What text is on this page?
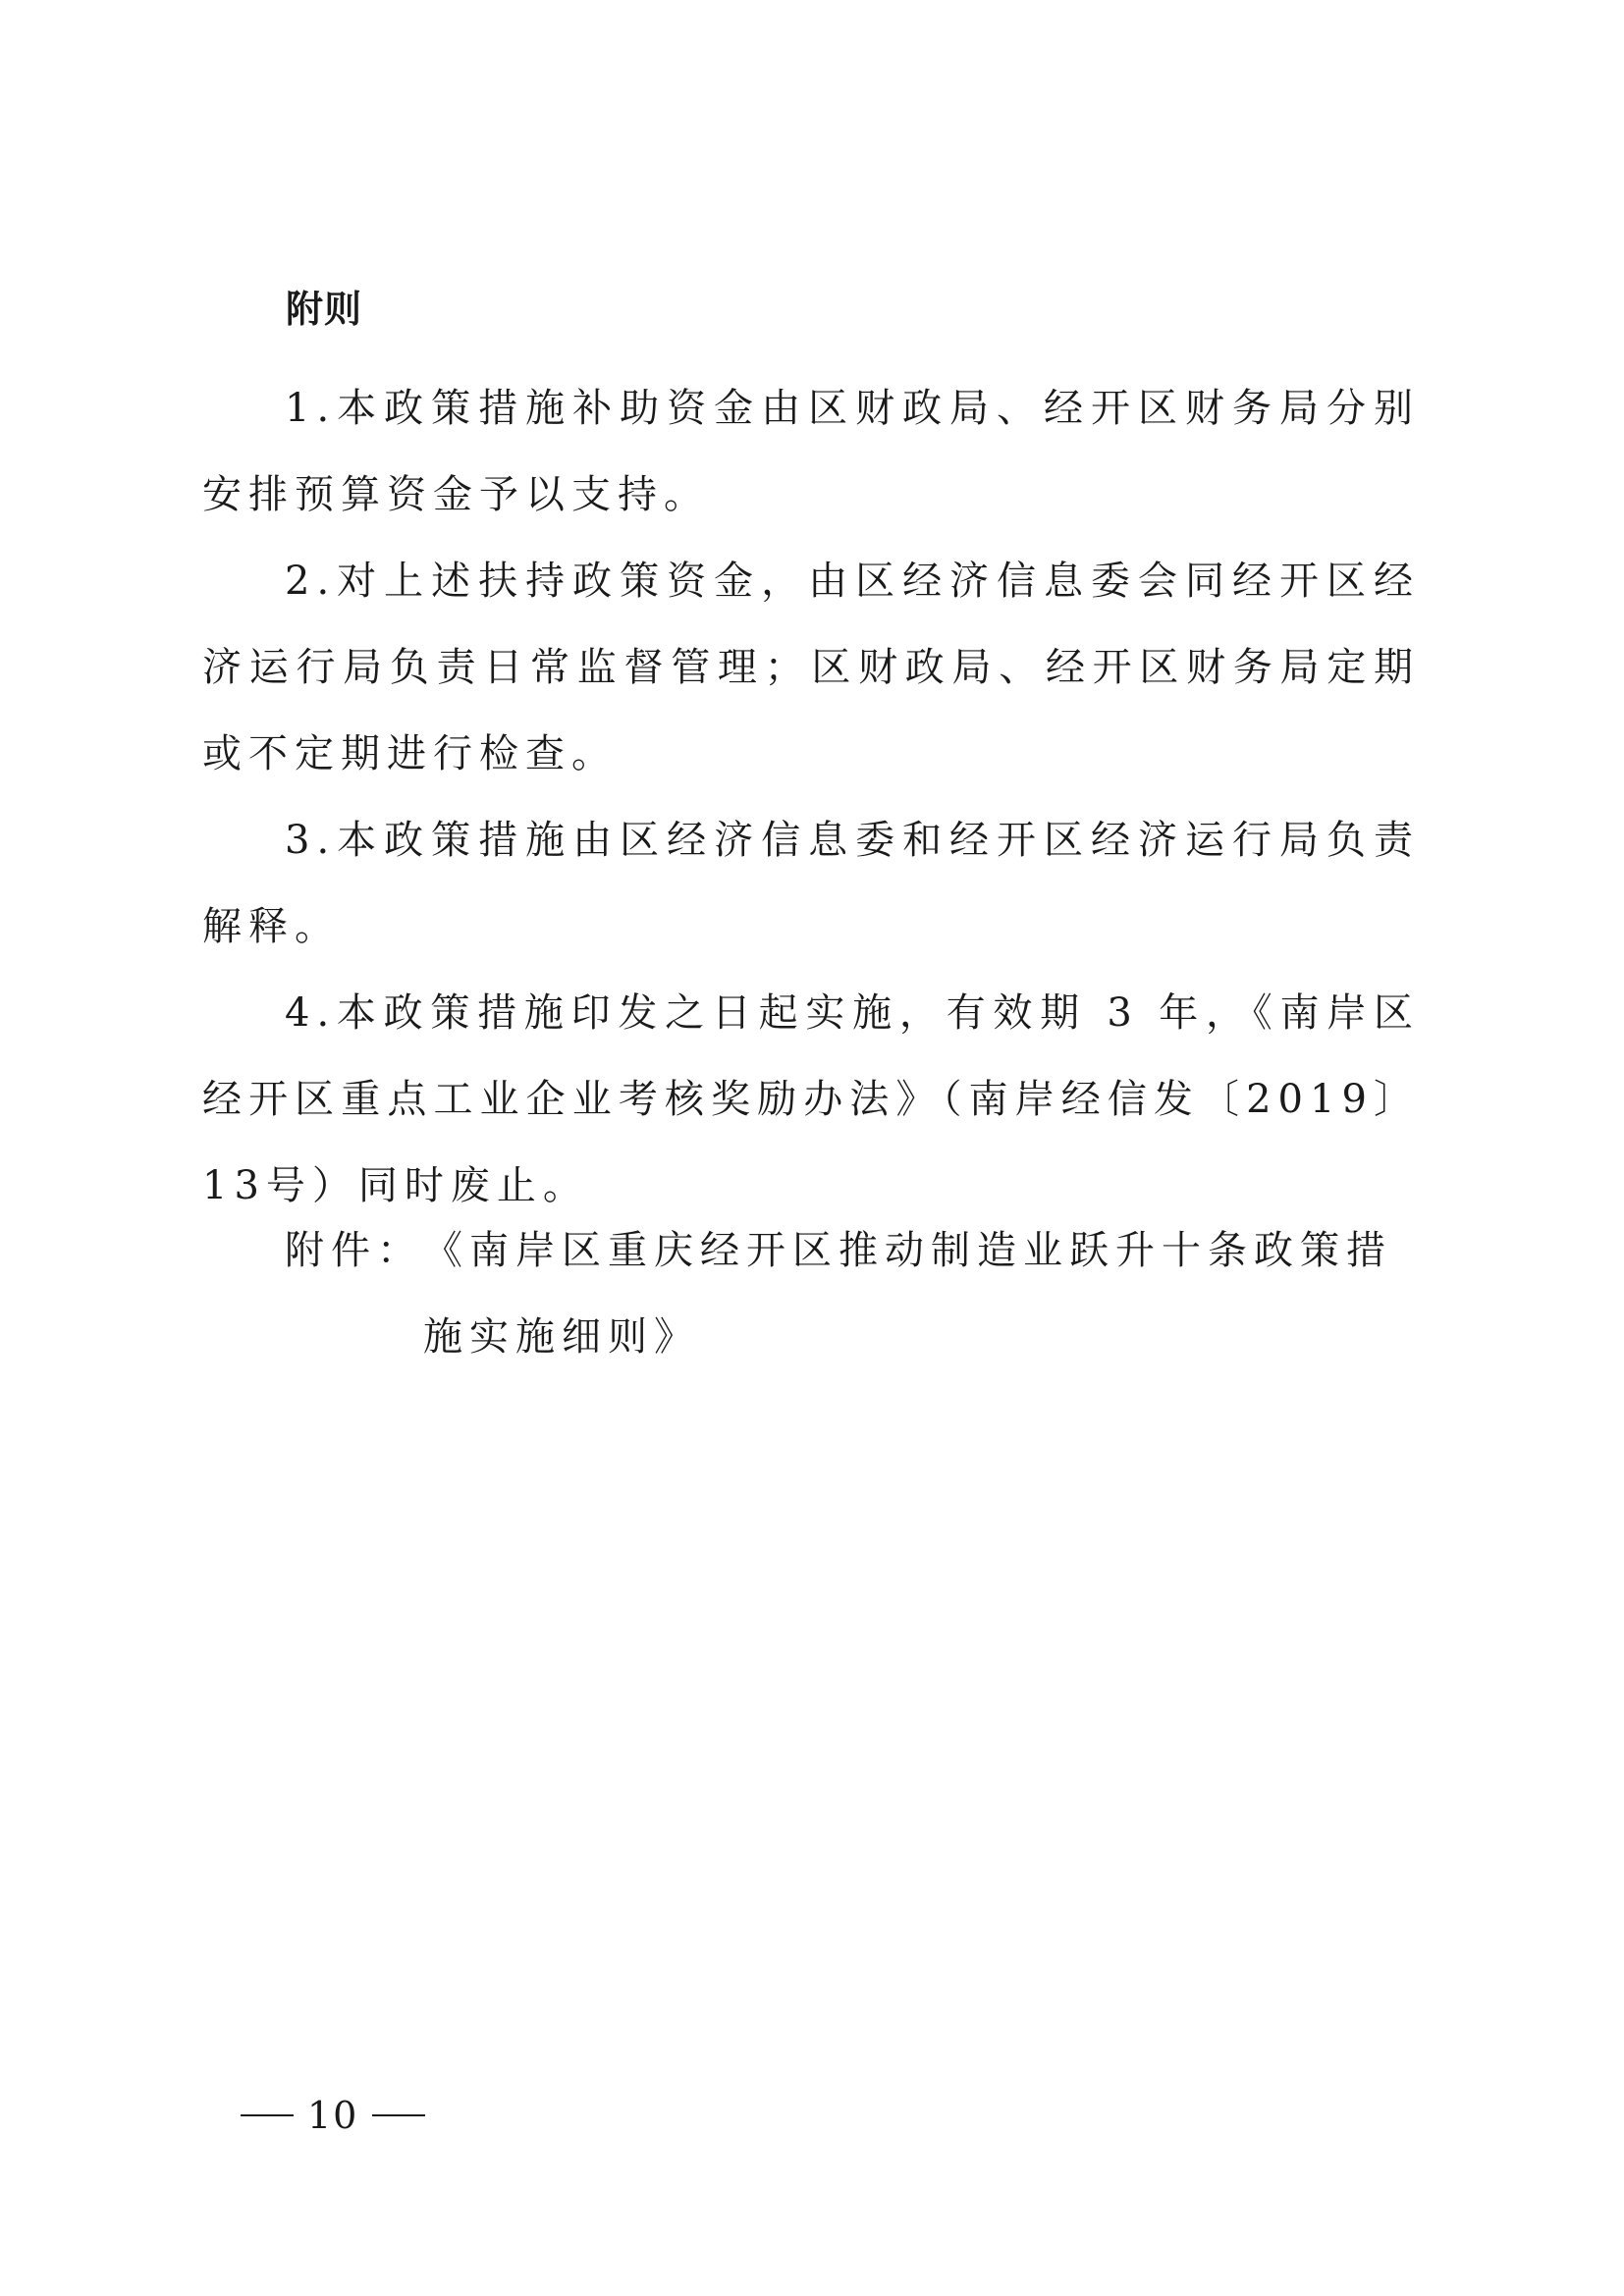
附则

1.本政策措施补助资金由区财政局、经开区财务局分别安排预算资金予以支持。

2.对上述扶持政策资金，由区经济信息委会同经开区经济运行局负责日常监督管理；区财政局、经开区财务局定期或不定期进行检查。

3.本政策措施由区经济信息委和经开区经济运行局负责解释。

4.本政策措施印发之日起实施，有效期 3 年，《南岸区经开区重点工业企业考核奖励办法》（南岸经信发〔2019〕13号）同时废止。

附件： 《南岸区重庆经开区推动制造业跃升十条政策措施实施细则》
10
